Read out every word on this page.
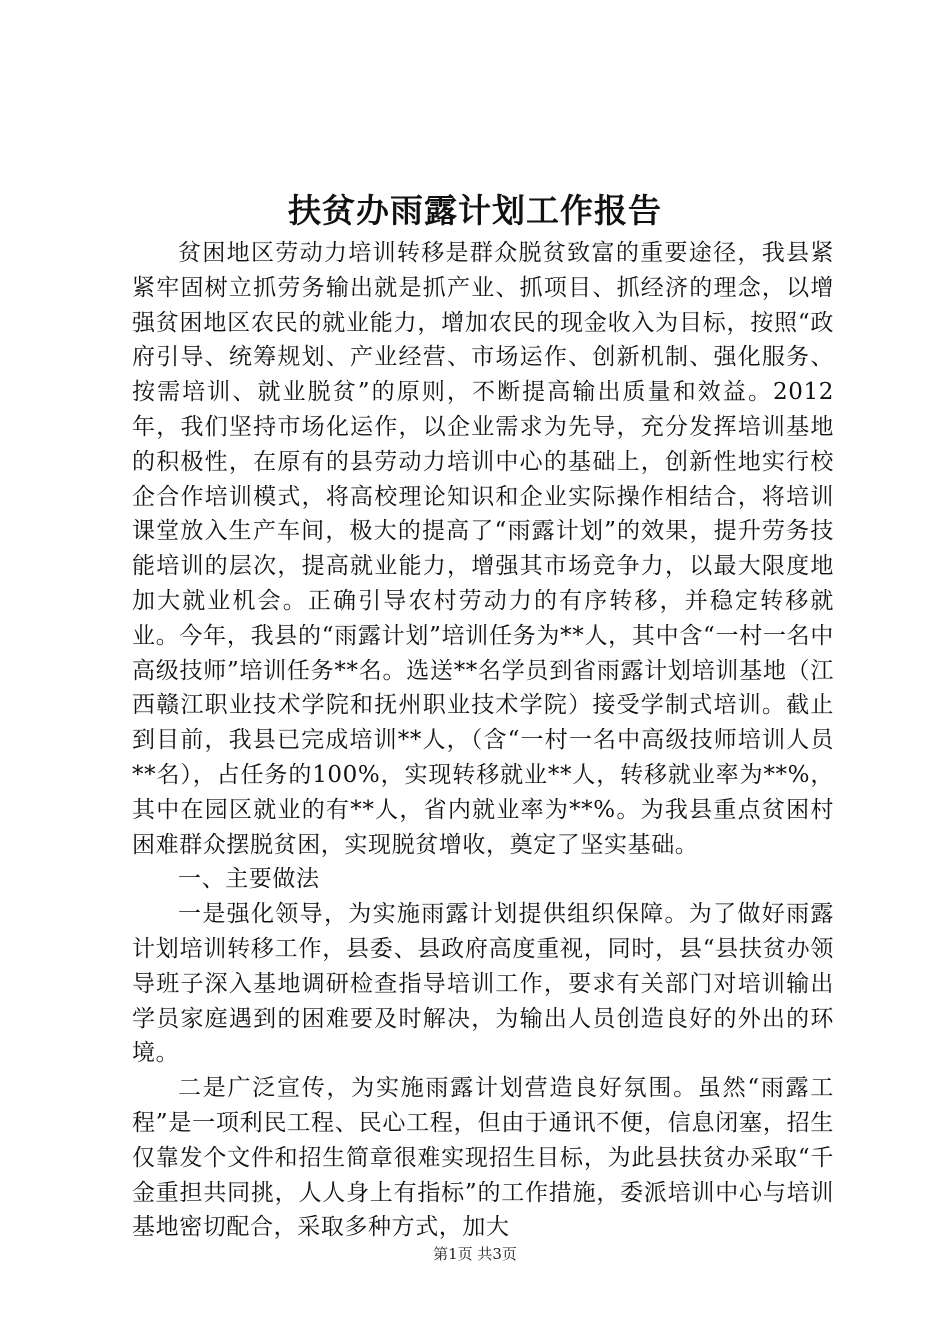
扶贫办雨露计划工作报告

贫困地区劳动力培训转移是群众脱贫致富的重要途径，我县紧紧牢固树立抓劳务输出就是抓产业、抓项目、抓经济的理念，以增强贫困地区农民的就业能力，增加农民的现金收入为目标，按照“政府引导、统筹规划、产业经营、市场运作、创新机制、强化服务、按需培训、就业脱贫”的原则，不断提高输出质量和效益。2012年，我们坚持市场化运作，以企业需求为先导，充分发挥培训基地的积极性，在原有的县劳动力培训中心的基础上，创新性地实行校企合作培训模式，将高校理论知识和企业实际操作相结合，将培训课堂放入生产车间，极大的提高了“雨露计划”的效果，提升劳务技能培训的层次，提高就业能力，增强其市场竞争力，以最大限度地加大就业机会。正确引导农村劳动力的有序转移，并稳定转移就业。今年，我县的“雨露计划”培训任务为**人，其中含“一村一名中高级技师”培训任务**名。选送**名学员到省雨露计划培训基地（江西赣江职业技术学院和抚州职业技术学院）接受学制式培训。截止到目前，我县已完成培训**人，（含“一村一名中高级技师培训人员**名），占任务的100%，实现转移就业**人，转移就业率为**%，其中在园区就业的有**人，省内就业率为**%。为我县重点贫困村困难群众摆脱贫困，实现脱贫增收，奠定了坚实基础。

一、主要做法

一是强化领导，为实施雨露计划提供组织保障。为了做好雨露计划培训转移工作，县委、县政府高度重视，同时，县“县扶贫办领导班子深入基地调研检查指导培训工作，要求有关部门对培训输出学员家庭遇到的困难要及时解决，为输出人员创造良好的外出的环境。

二是广泛宣传，为实施雨露计划营造良好氛围。虽然“雨露工程”是一项利民工程、民心工程，但由于通讯不便，信息闭塞，招生仅靠发个文件和招生简章很难实现招生目标，为此县扶贫办采取“千金重担共同挑，人人身上有指标”的工作措施，委派培训中心与培训基地密切配合，采取多种方式，加大

第1页 共3页
